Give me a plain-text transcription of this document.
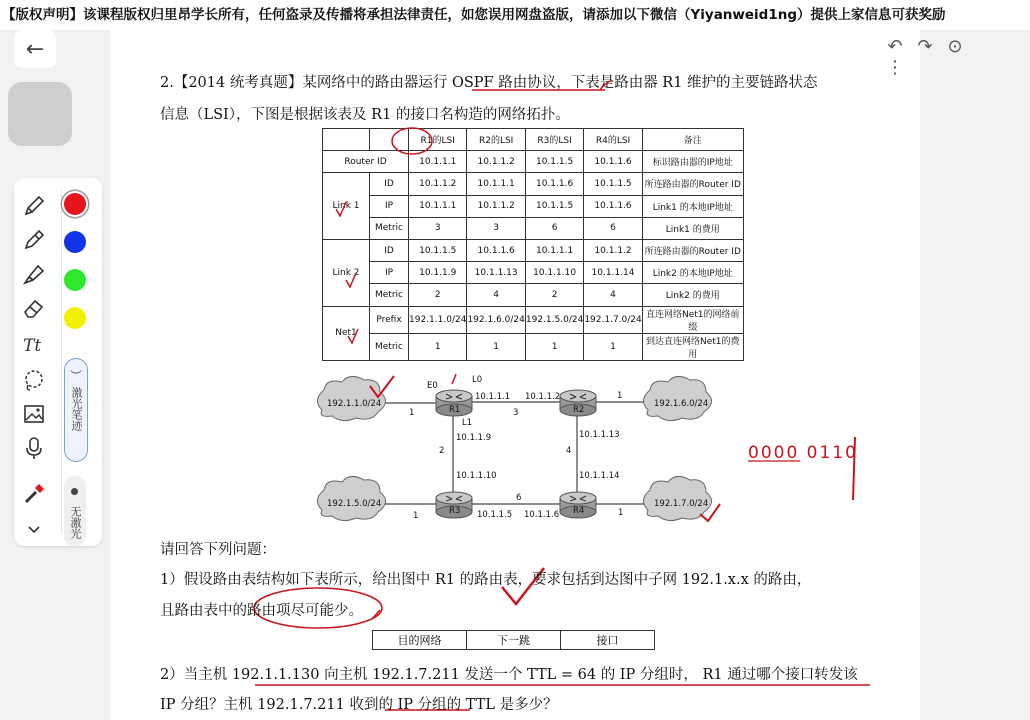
【版权声明】该课程版权归里昂学长所有，任何盗录及传播将承担法律责任，如您误用网盘盗版，请添加以下微信（Yiyanweid1ng）提供上家信息可获奖励
←
Tt
︶
激光笔迹
无激光
↶ ↷ ⊙⋮
2.【2014 统考真题】某网络中的路由器运行 OSPF 路由协议，下表是路由器 R1 维护的主要链路状态
信息（LSI），下图是根据该表及 R1 的接口名构造的网络拓扑。
		R1的LSI	R2的LSI	R3的LSI	R4的LSI	备注
Router ID		10.1.1.1	10.1.1.2	10.1.1.5	10.1.1.6	标识路由器的IP地址
Link 1	ID	10.1.1.2	10.1.1.1	10.1.1.6	10.1.1.5	所连路由器的Router ID
	IP	10.1.1.1	10.1.1.2	10.1.1.5	10.1.1.6	Link1 的本地IP地址
	Metric	3	3	6	6	Link1 的费用
Link 2	ID	10.1.1.5	10.1.1.6	10.1.1.1	10.1.1.2	所连路由器的Router ID
	IP	10.1.1.9	10.1.1.13	10.1.1.10	10.1.1.14	Link2 的本地IP地址
	Metric	2	4	2	4	Link2 的费用
Net1	Prefix	192.1.1.0/24	192.1.6.0/24	192.1.5.0/24	192.1.7.0/24	直连网络Net1的网络前缀
	Metric	1	1	1	1	到达直连网络Net1的费用
192.1.1.0/24	192.1.6.0/24
192.1.5.0/24	192.1.7.0/24
R1	R2
R3	R4
E0
L0
L1
10.1.1.1 10.1.1.2
10.1.1.9	10.1.1.13
10.1.1.10	10.1.1.14
10.1.1.5 10.1.1.6
3
2	4
6
1
1
1	1
0000 0110
请回答下列问题：
1）假设路由表结构如下表所示，给出图中 R1 的路由表，要求包括到达图中子网 192.1.x.x 的路由，
且路由表中的路由项尽可能少。
目的网络	下一跳	接口
2）当主机 192.1.1.130 向主机 192.1.7.211 发送一个 TTL = 64 的 IP 分组时， R1 通过哪个接口转发该
IP 分组？主机 192.1.7.211 收到的 IP 分组的 TTL 是多少？
